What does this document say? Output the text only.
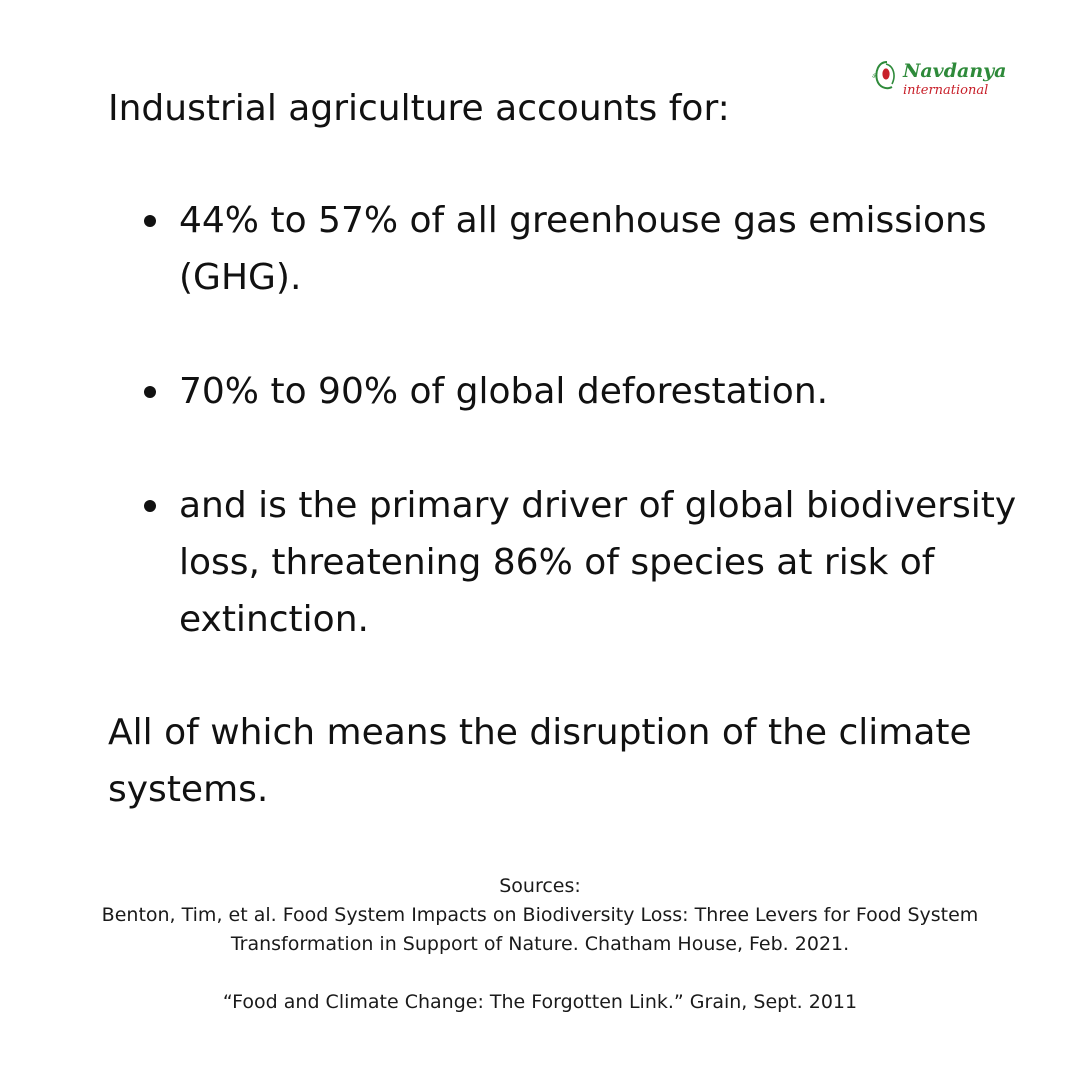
ॐ Navdanya
international
Industrial agriculture accounts for:
44% to 57% of all greenhouse gas emissions (GHG).
70% to 90% of global deforestation.
and is the primary driver of global biodiversity loss, threatening 86% of species at risk of extinction.

All of which means the disruption of the climate systems.

Sources:

Benton, Tim, et al. Food System Impacts on Biodiversity Loss: Three Levers for Food System Transformation in Support of Nature. Chatham House, Feb. 2021.

“Food and Climate Change: The Forgotten Link.” Grain, Sept. 2011
